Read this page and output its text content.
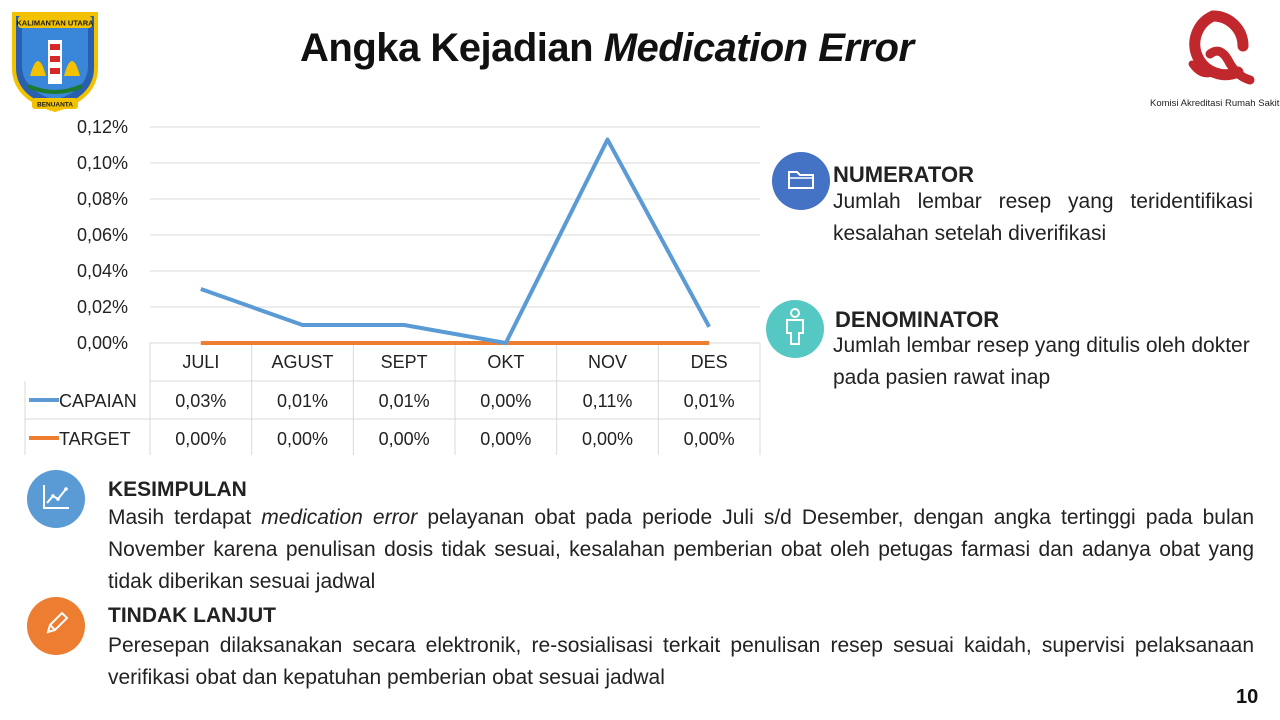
KALIMANTAN UTARA
BENUANTA
Angka Kejadian Medication Error
Komisi Akreditasi Rumah Sakit
0,00%
0,02%
0,04%
0,06%
0,08%
0,10%
0,12%
JULI	AGUST	SEPT	OKT	NOV	DES
CAPAIAN 0,03%	0,01%	0,01%	0,00%	0,11%	0,01%
TARGET 0,00%	0,00%	0,00%	0,00%	0,00%	0,00%
NUMERATOR
Jumlah lembar resep yang teridentifikasi kesalahan setelah diverifikasi
DENOMINATOR
Jumlah lembar resep yang ditulis oleh dokter pada pasien rawat inap
KESIMPULAN
Masih terdapat medication error pelayanan obat pada periode Juli s/d Desember, dengan angka tertinggi pada bulan November karena penulisan dosis tidak sesuai, kesalahan pemberian obat oleh petugas farmasi dan adanya obat yang tidak diberikan sesuai jadwal
TINDAK LANJUT
Peresepan dilaksanakan secara elektronik, re-sosialisasi terkait penulisan resep sesuai kaidah, supervisi pelaksanaan verifikasi obat dan kepatuhan pemberian obat sesuai jadwal
10
